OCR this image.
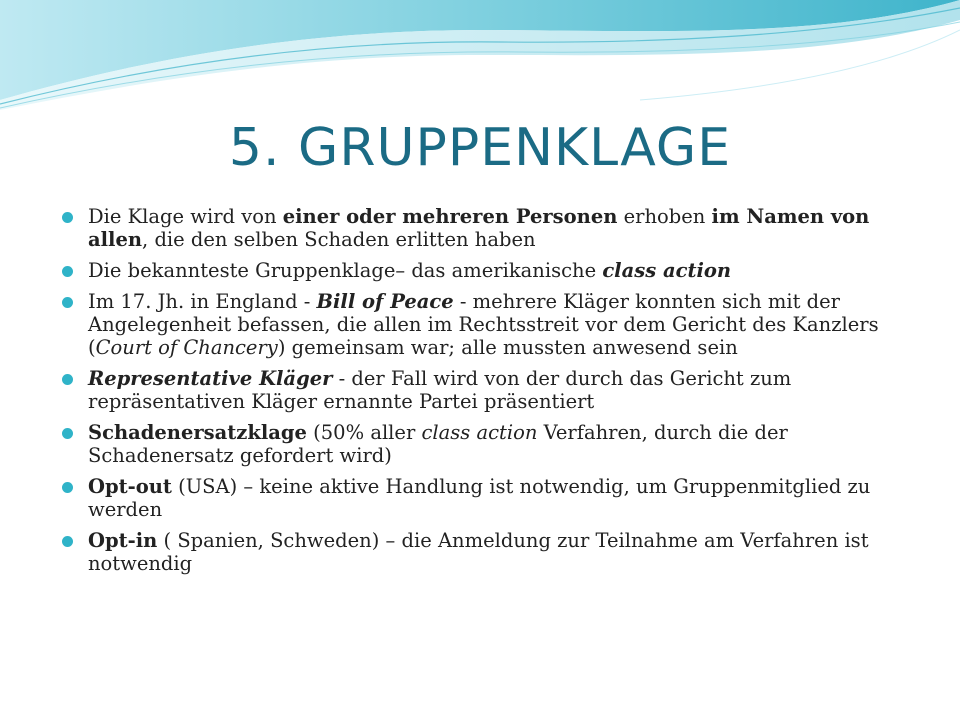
5. GRUPPENKLAGE
Die Klage wird von einer oder mehreren Personen erhoben im Namen von allen, die den selben Schaden erlitten haben
Die bekannteste Gruppenklage– das amerikanische class action
Im 17. Jh. in England - Bill of Peace - mehrere Kläger konnten sich mit der Angelegenheit befassen, die allen im Rechtsstreit vor dem Gericht des Kanzlers (Court of Chancery) gemeinsam war; alle mussten anwesend sein
Representative Kläger - der Fall wird von der durch das Gericht zum repräsentativen Kläger ernannte Partei präsentiert
Schadenersatzklage (50% aller class action Verfahren, durch die der Schadenersatz gefordert wird)
Opt-out (USA) – keine aktive Handlung ist notwendig, um Gruppenmitglied zu werden
Opt-in ( Spanien, Schweden) – die Anmeldung zur Teilnahme am Verfahren ist notwendig
